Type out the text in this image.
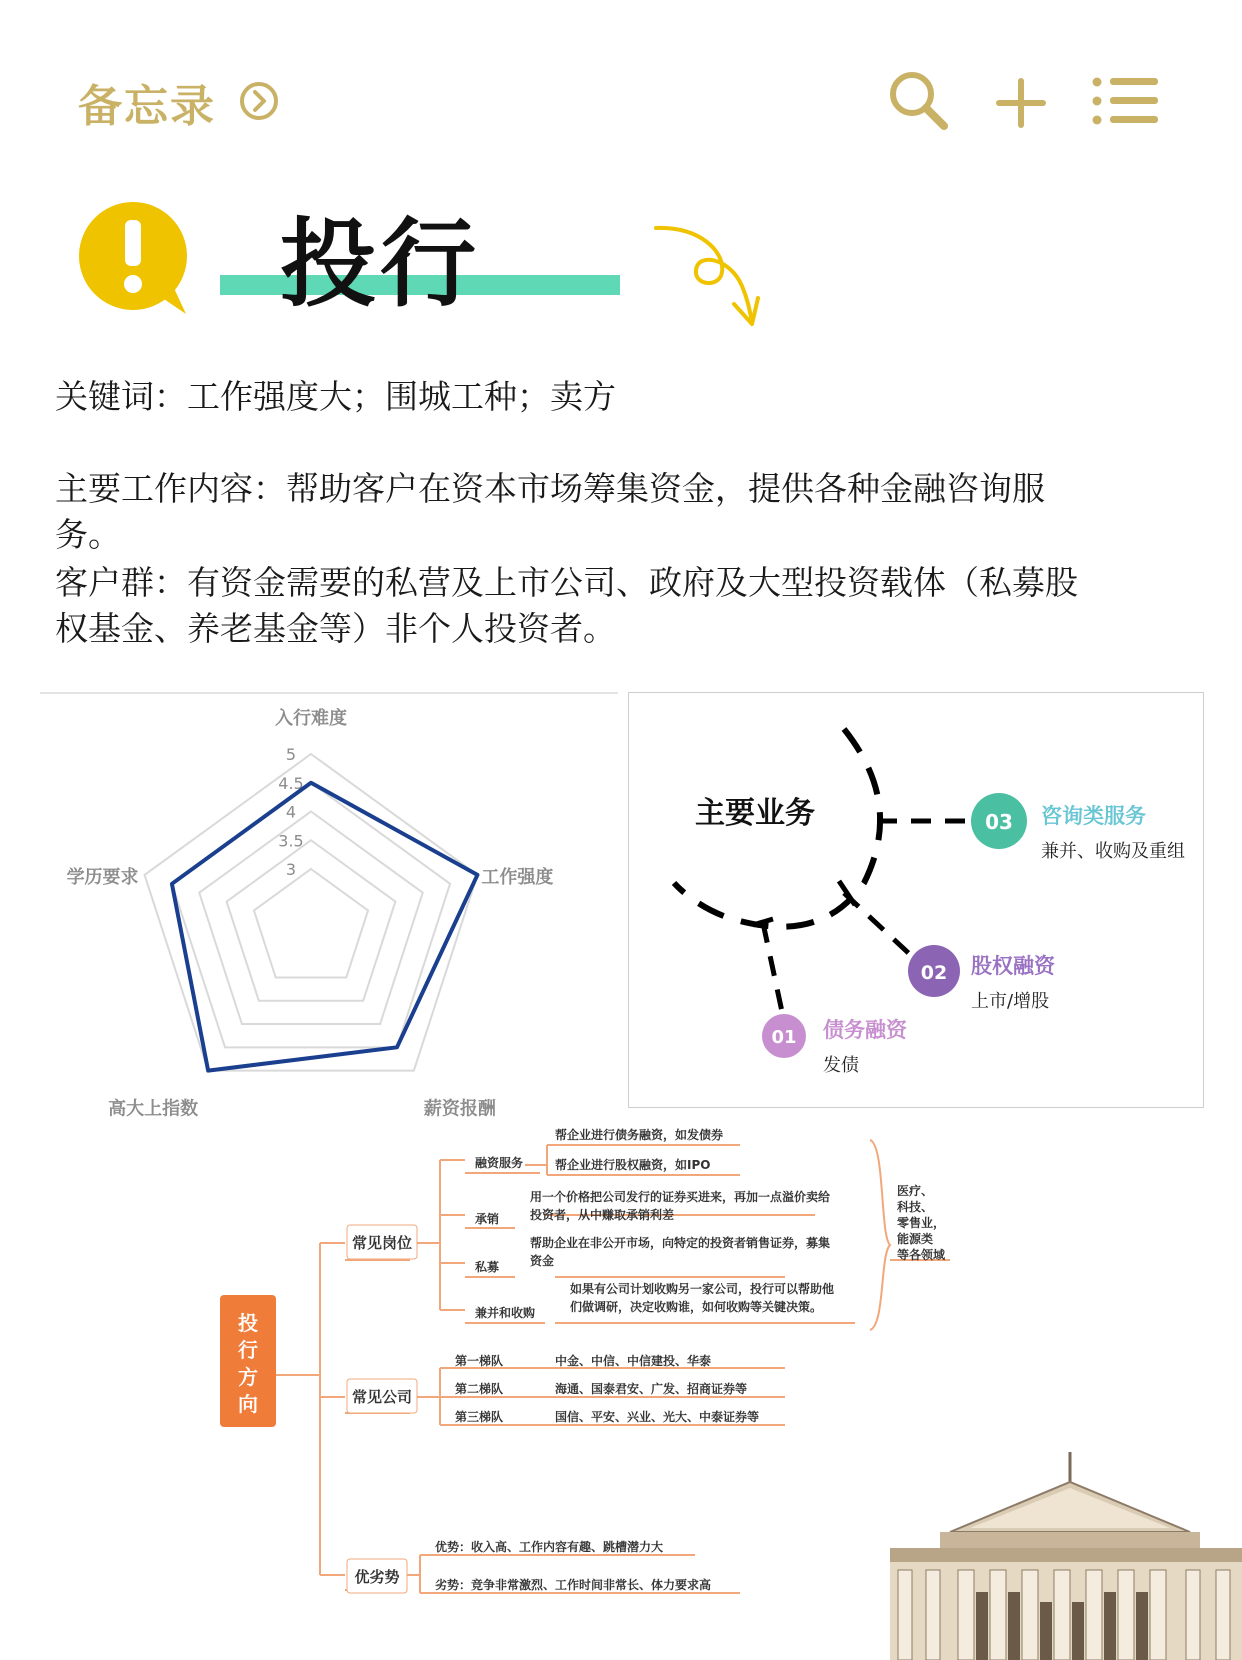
备忘录
投行
关键词：工作强度大；围城工种；卖方
主要工作内容：帮助客户在资本市场筹集资金，提供各种金融咨询服
务。
客户群：有资金需要的私营及上市公司、政府及大型投资载体（私募股
权基金、养老基金等）非个人投资者。
3
3.5
4
4.5
5
入行难度
工作强度
薪资报酬
高大上指数
学历要求
主要业务	03 咨询类服务
兼并、收购及重组
02 股权融资
上市/增股
01 债务融资
发债
投
行
方
向
常见岗位
常见公司
优劣势
融资服务
帮企业进行债务融资，如发债券
帮企业进行股权融资，如IPO
承销
用一个价格把公司发行的证券买进来，再加一点溢价卖给
投资者，从中赚取承销利差
私募
帮助企业在非公开市场，向特定的投资者销售证券，募集
资金
兼并和收购
如果有公司计划收购另一家公司，投行可以帮助他
们做调研，决定收购谁，如何收购等关键决策。
医疗、
科技、
零售业，
能源类
等各领域
第一梯队	中金、中信、中信建投、华泰
第二梯队	海通、国泰君安、广发、招商证券等
第三梯队	国信、平安、兴业、光大、中泰证券等
优势：收入高、工作内容有趣、跳槽潜力大
劣势：竞争非常激烈、工作时间非常长、体力要求高
